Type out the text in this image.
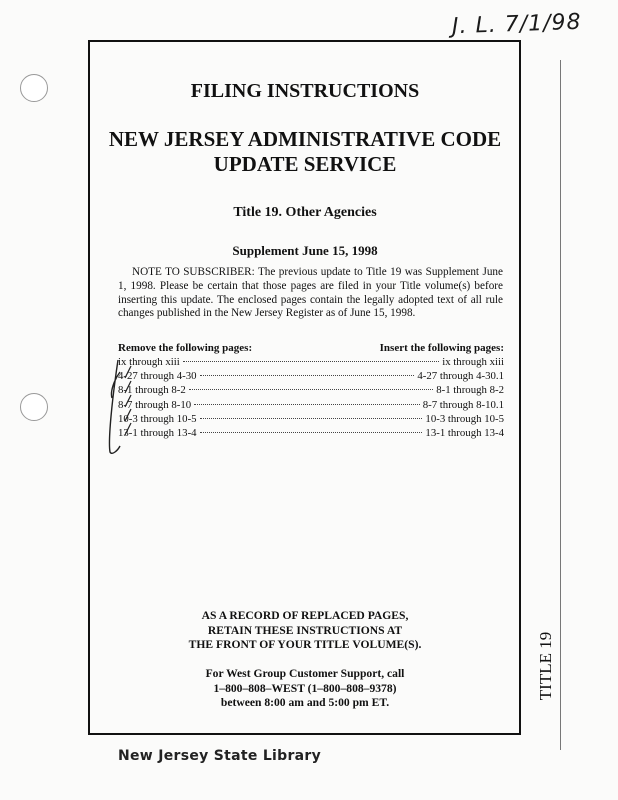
J. L. 7/1/98
FILING INSTRUCTIONS
NEW JERSEY ADMINISTRATIVE CODE
UPDATE SERVICE
Title 19. Other Agencies
Supplement June 15, 1998
NOTE TO SUBSCRIBER: The previous update to Title 19 was Supplement June 1, 1998. Please be certain that those pages are filed in your Title volume(s) before inserting this update. The enclosed pages contain the legally adopted text of all rule changes published in the New Jersey Register as of June 15, 1998.
Remove the following pages:	Insert the following pages:
ix through xiii	ix through xiii
4-27 through 4-30	4-27 through 4-30.1
8-1 through 8-2	8-1 through 8-2
8-7 through 8-10	8-7 through 8-10.1
10-3 through 10-5	10-3 through 10-5
13-1 through 13-4	13-1 through 13-4
AS A RECORD OF REPLACED PAGES,
RETAIN THESE INSTRUCTIONS AT
THE FRONT OF YOUR TITLE VOLUME(S).
For West Group Customer Support, call
1–800–808–WEST (1–800–808–9378)
between 8:00 am and 5:00 pm ET.
TITLE 19
New Jersey State Library
